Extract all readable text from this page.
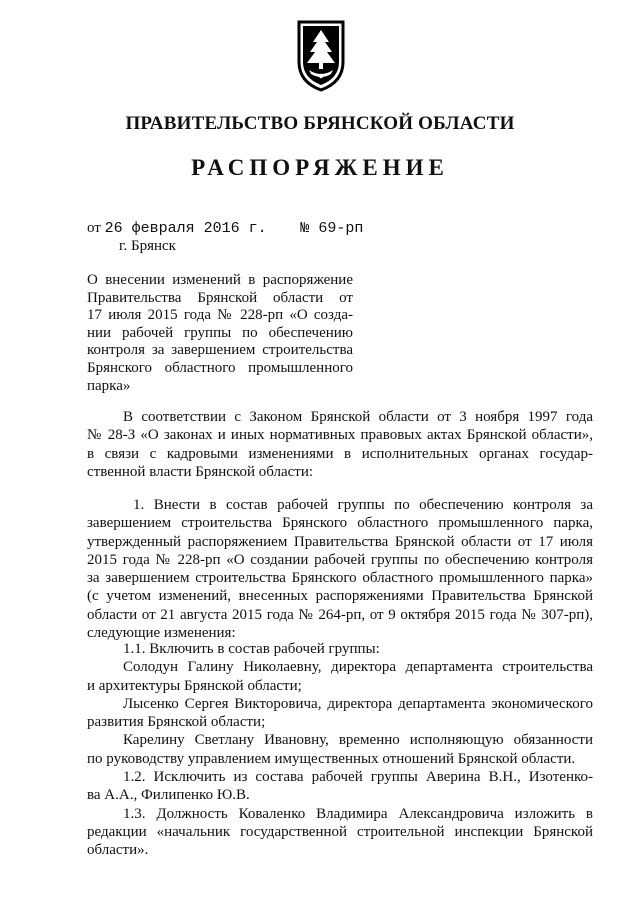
ПРАВИТЕЛЬСТВО БРЯНСКОЙ ОБЛАСТИ
РАСПОРЯЖЕНИЕ
от 26 февраля 2016 г. № 69-рп
г. Брянск
О внесении изменений в распоряжение
Правительства Брянской области от
17 июля 2015 года № 228-рп «О созда-
нии рабочей группы по обеспечению
контроля за завершением строительства
Брянского областного промышленного
парка»
В соответствии с Законом Брянской области от 3 ноября 1997 года
№ 28-З «О законах и иных нормативных правовых актах Брянской области»,
в связи с кадровыми изменениями в исполнительных органах государ-
ственной власти Брянской области:
1. Внести в состав рабочей группы по обеспечению контроля за
завершением строительства Брянского областного промышленного парка,
утвержденный распоряжением Правительства Брянской области от 17 июля
2015 года № 228-рп «О создании рабочей группы по обеспечению контроля
за завершением строительства Брянского областного промышленного парка»
(с учетом изменений, внесенных распоряжениями Правительства Брянской
области от 21 августа 2015 года № 264-рп, от 9 октября 2015 года № 307-рп),
следующие изменения:
1.1. Включить в состав рабочей группы:
Солодун Галину Николаевну, директора департамента строительства
и архитектуры Брянской области;
Лысенко Сергея Викторовича, директора департамента экономического
развития Брянской области;
Карелину Светлану Ивановну, временно исполняющую обязанности
по руководству управлением имущественных отношений Брянской области.
1.2. Исключить из состава рабочей группы Аверина В.Н., Изотенко-
ва А.А., Филипенко Ю.В.
1.3. Должность Коваленко Владимира Александровича изложить в
редакции «начальник государственной строительной инспекции Брянской
области».
